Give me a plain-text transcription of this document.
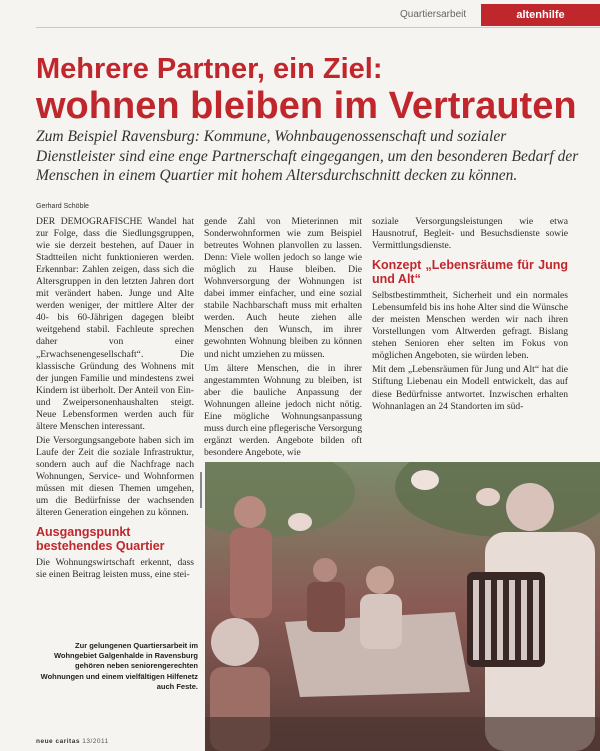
Quartiersarbeit	altenhilfe
Mehrere Partner, ein Ziel:
wohnen bleiben im Vertrauten
Zum Beispiel Ravensburg: Kommune, Wohnbaugenossenschaft und sozialer Dienstleister sind eine enge Partnerschaft eingegangen, um den besonderen Bedarf der Menschen in einem Quartier mit hohem Altersdurchschnitt decken zu können.
Gerhard Schöble

DER DEMOGRAFISCHE Wandel hat zur Folge, dass die Siedlungsgruppen, wie sie derzeit bestehen, auf Dauer in Stadtteilen nicht funktionieren werden. Erkennbar: Zahlen zeigen, dass sich die Altersgruppen in den letzten Jahren dort mit verändert haben. Junge und Alte werden weniger, der mittlere Alter der 40- bis 60-Jährigen dagegen bleibt weitgehend stabil. Fachleute sprechen daher von einer „Erwachsenengesellschaft“. Die klassische Gründung des Wohnens mit der jungen Familie und mindestens zwei Kindern ist überholt. Der Anteil von Ein- und Zweipersonenhaushalten steigt. Neue Lebensformen werden auch für ältere Menschen interessant.

Die Versorgungsangebote haben sich im Laufe der Zeit die soziale Infrastruktur, sondern auch auf die Nachfrage nach Wohnungen, Service- und Wohnformen müssen mit diesen Themen umgehen, um die Bedürfnisse der wachsenden älteren Generation eingehen zu können.

Ausgangspunkt bestehendes Quartier

Die Wohnungswirtschaft erkennt, dass sie einen Beitrag leisten muss, eine stei-

gende Zahl von Mieterinnen mit Sonderwohnformen wie zum Beispiel betreutes Wohnen planvollen zu lassen. Denn: Viele wollen jedoch so lange wie möglich zu Hause bleiben. Die Wohnversorgung der Wohnungen ist dabei immer einfacher, und eine sozial stabile Nachbarschaft muss mit erhalten werden. Auch heute ziehen alle Menschen den Wunsch, im ihrer gewohnten Wohnung bleiben zu können und nicht umziehen zu müssen.

Um ältere Menschen, die in ihrer angestammten Wohnung zu bleiben, ist aber die bauliche Anpassung der Wohnungen alleine jedoch nicht nötig. Eine mögliche Wohnungsanpassung muss durch eine pflegerische Versorgung ergänzt werden. Angebote bilden oft besondere Angebote, wie

soziale Versorgungsleistungen wie etwa Hausnotruf, Begleit- und Besuchsdienste sowie Vermittlungsdienste.

Konzept „Lebensräume für Jung und Alt“

Selbstbestimmtheit, Sicherheit und ein normales Lebensumfeld bis ins hohe Alter sind die Wünsche der meisten Menschen werden wir nach ihren Vorstellungen vom Altwerden gefragt. Bislang stehen Senioren eher selten im Fokus von möglichen Angeboten, sie würden leben.

Mit dem „Lebensräumen für Jung und Alt“ hat die Stiftung Liebenau ein Modell entwickelt, das auf diese Bedürfnisse antwortet. Inzwischen erhalten Wohnanlagen an 24 Standorten im süd-

Zur gelungenen Quartiersarbeit im Wohngebiet Galgenhalde in Ravensburg gehören neben seniorengerechten Wohnungen und einem vielfältigen Hilfenetz auch Feste.
neue caritas 13/2011
